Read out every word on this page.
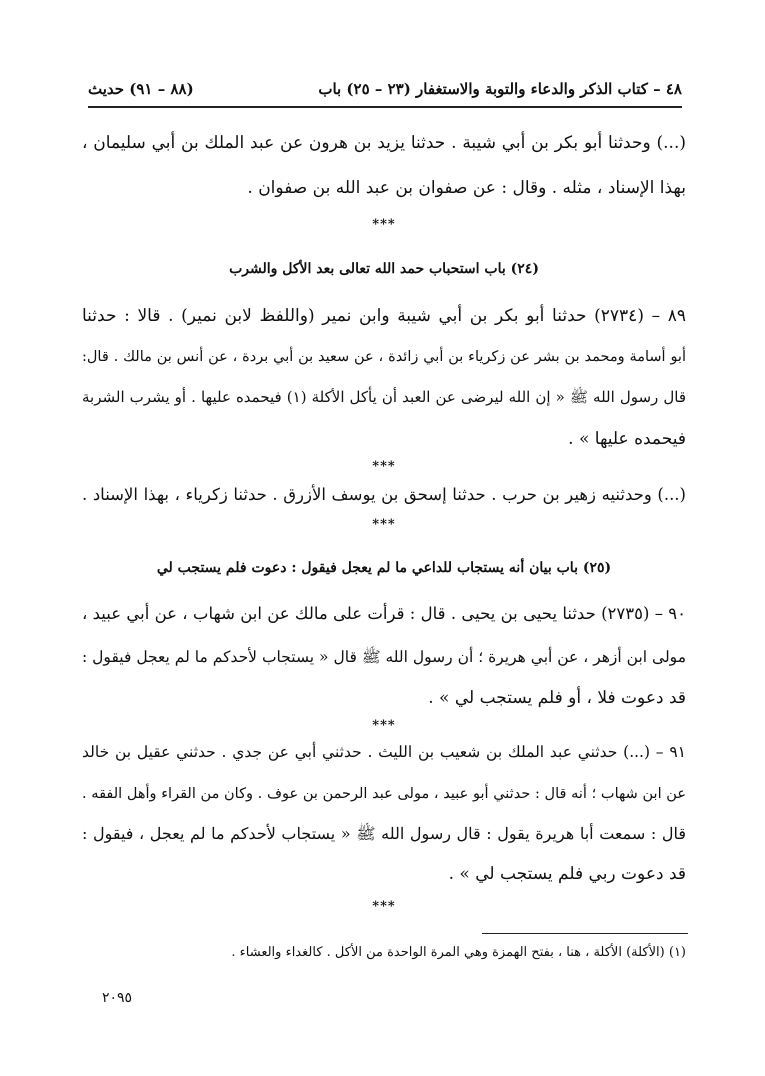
٤٨ – كتاب الذكر والدعاء والتوبة والاستغفار (٢٣ – ٢٥) باب
(٨٨ – ٩١) حديث
(...) وحدثنا أبو بكر بن أبي شيبة . حدثنا يزيد بن هرون عن عبد الملك بن أبي سليمان ،
بهذا الإسناد ، مثله . وقال : عن صفوان بن عبد الله بن صفوان .
***
(٢٤) باب استحباب حمد الله تعالى بعد الأكل والشرب
٨٩ – (٢٧٣٤) حدثنا أبو بكر بن أبي شيبة وابن نمير (واللفظ لابن نمير) . قالا : حدثنا
أبو أسامة ومحمد بن بشر عن زكرياء بن أبي زائدة ، عن سعيد بن أبي بردة ، عن أنس بن مالك . قال:
قال رسول الله ﷺ « إن الله ليرضى عن العبد أن يأكل الأكلة (١) فيحمده عليها . أو يشرب الشربة
فيحمده عليها » .
***
(...) وحدثنيه زهير بن حرب . حدثنا إسحق بن يوسف الأزرق . حدثنا زكرياء ، بهذا الإسناد .
***
(٢٥) باب بيان أنه يستجاب للداعي ما لم يعجل فيقول : دعوت فلم يستجب لي
٩٠ – (٢٧٣٥) حدثنا يحيى بن يحيى . قال : قرأت على مالك عن ابن شهاب ، عن أبي عبيد ،
مولى ابن أزهر ، عن أبي هريرة ؛ أن رسول الله ﷺ قال « يستجاب لأحدكم ما لم يعجل فيقول :
قد دعوت فلا ، أو فلم يستجب لي » .
***
٩١ – (...) حدثني عبد الملك بن شعيب بن الليث . حدثني أبي عن جدي . حدثني عقيل بن خالد
عن ابن شهاب ؛ أنه قال : حدثني أبو عبيد ، مولى عبد الرحمن بن عوف . وكان من القراء وأهل الفقه .
قال : سمعت أبا هريرة يقول : قال رسول الله ﷺ « يستجاب لأحدكم ما لم يعجل ، فيقول :
قد دعوت ربي فلم يستجب لي » .
***
(١) (الأكلة) الأكلة ، هنا ، بفتح الهمزة وهي المرة الواحدة من الأكل . كالغداء والعشاء .
٢٠٩٥
